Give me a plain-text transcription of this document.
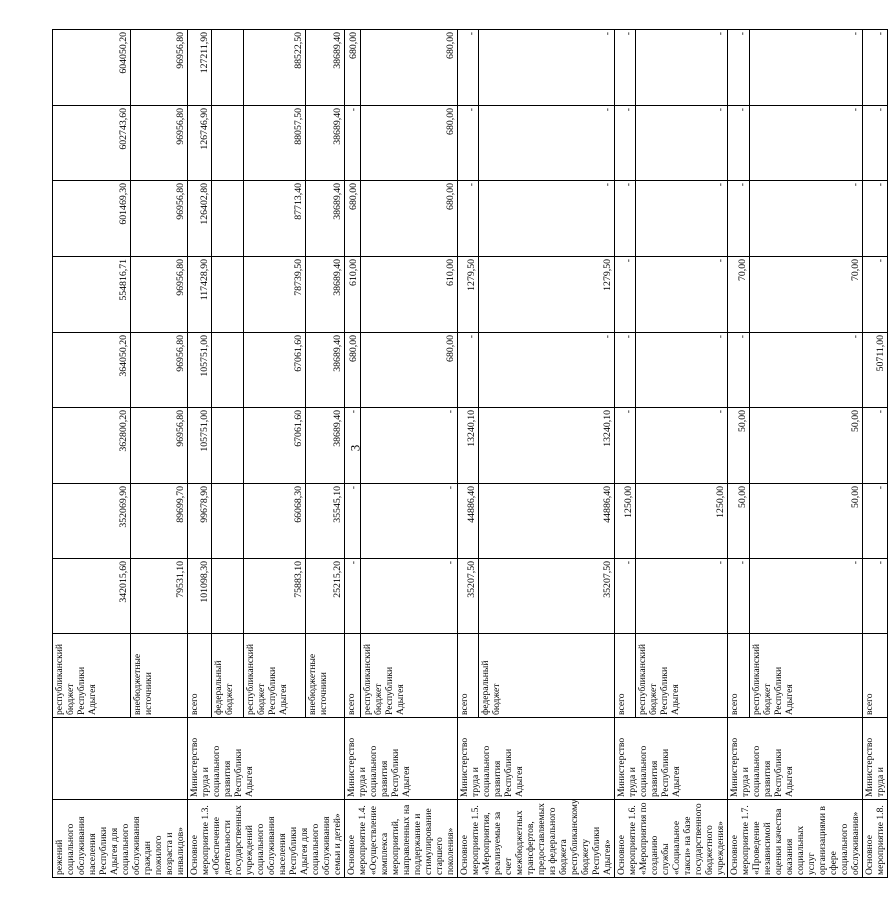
3
режений социального обслуживания населения Республики Адыгея для социального обслуживания граждан пожилого возраста и инвалидов»		республиканский бюджет Республики Адыгея	342015,60	352069,90	362800,20	364050,20	554816,71	601469,30	602743,60	604050,20
		внебюджетные источники	79531,10	89699,70	96956,80	96956,80	96956,80	96956,80	96956,80	96956,80
Основное мероприятие 1.3. «Обеспечение деятельности государственных учреждений социального обслуживания населения Республики Адыгея для социального обслуживания семьи и детей»	Министерство труда и социального развития Республики Адыгея	всего	101098,30	99678,90	105751,00	105751,00	117428,90	126402,80	126746,90	127211,90
		федеральный бюджет								
		республиканский бюджет Республики Адыгея	75883,10	66068,30	67061,60	67061,60	78739,50	87713,40	88057,50	88522,50
		внебюджетные источники	25215,20	35545,10	38689,40	38689,40	38689,40	38689,40	38689,40	38689,40
Основное мероприятие 1.4. «Осуществление комплекса мероприятий, направленных на поддержание и стимулирование старшего поколения»	Министерство труда и социального развития Республики Адыгея	всего	-	-	-	680,00	610,00	680,00	-	680,00
		республиканский бюджет Республики Адыгея	-	-	-	680,00	610,00	680,00	680,00	680,00
Основное мероприятие 1.5. «Мероприятия, реализуемые за счет межбюджетных трансфертов, предоставляемых из федерального бюджета республиканскому бюджету Республики Адыгея»	Министерство труда и социального развития Республики Адыгея	всего	35207,50	44886,40	13240,10	-	1279,50	-	-	-
		федеральный бюджет	35207,50	44886,40	13240,10	-	1279,50	-	-	-
Основное мероприятие 1.6. «Мероприятия по созданию службы «Социальное такси» на базе государственного бюджетного учреждения»	Министерство труда и социального развития Республики Адыгея	всего	-	1250,00	-	-	-	-	-	-
		республиканский бюджет Республики Адыгея	-	1250,00	-	-	-	-	-	-
Основное мероприятие 1.7. «Проведение независимой оценки качества оказания социальных услуг организациями в сфере социального обслуживания»	Министерство труда и социального развития Республики Адыгея	всего	-	50,00	50,00	-	70,00	-	-	-
		республиканский бюджет Республики Адыгея	-	50,00	50,00	-	70,00	-	-	-
Основное мероприятие 1.8.	Министерство труда и	всего	-	-	-	50711,00	-	-	-	-
